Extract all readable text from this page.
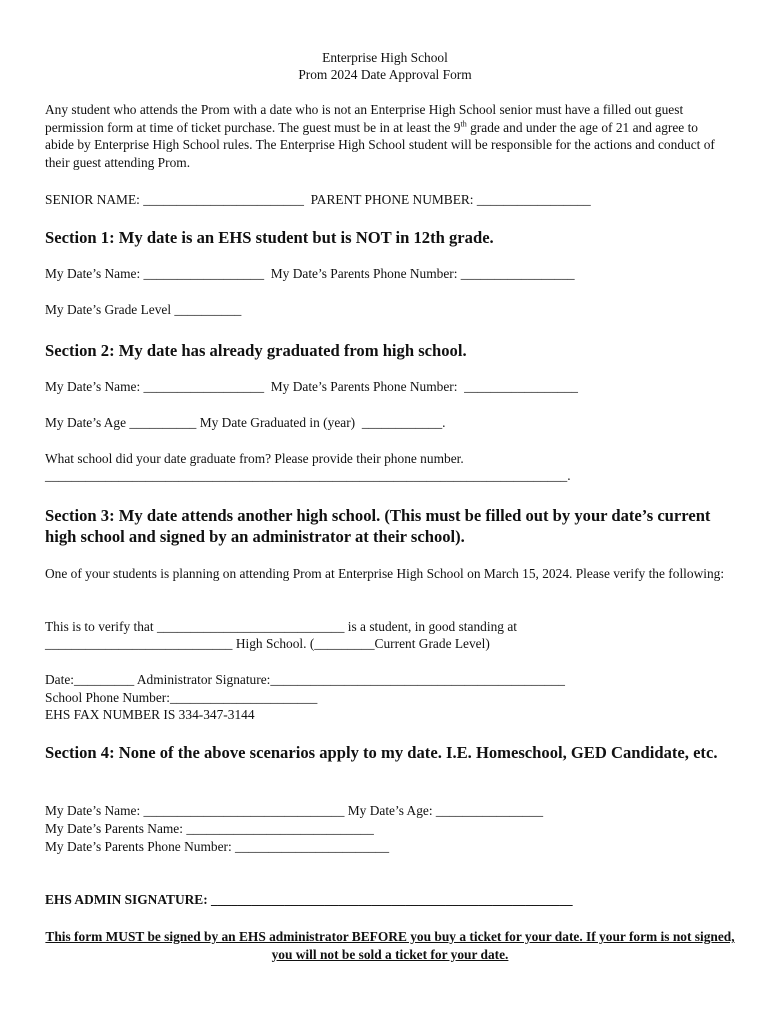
Enterprise High School
Prom 2024 Date Approval Form
Any student who attends the Prom with a date who is not an Enterprise High School senior must have a filled out guest permission form at time of ticket purchase. The guest must be in at least the 9th grade and under the age of 21 and agree to abide by Enterprise High School rules. The Enterprise High School student will be responsible for the actions and conduct of their guest attending Prom.
SENIOR NAME: ________________________  PARENT PHONE NUMBER: _________________
Section 1: My date is an EHS student but is NOT in 12th grade.
My Date’s Name: __________________  My Date’s Parents Phone Number: _________________
My Date’s Grade Level __________
Section 2: My date has already graduated from high school.
My Date’s Name: __________________  My Date’s Parents Phone Number:  _________________
My Date’s Age __________ My Date Graduated in (year)  ____________.
What school did your date graduate from? Please provide their phone number.
______________________________________________________________________________.
Section 3: My date attends another high school. (This must be filled out by your date’s current high school and signed by an administrator at their school).
One of your students is planning on attending Prom at Enterprise High School on March 15, 2024. Please verify the following:
This is to verify that ____________________________ is a student, in good standing at
____________________________ High School. (_________Current Grade Level)
Date:_________ Administrator Signature:____________________________________________
School Phone Number:______________________
EHS FAX NUMBER IS 334-347-3144
Section 4: None of the above scenarios apply to my date. I.E. Homeschool, GED Candidate, etc.
My Date’s Name: ______________________________ My Date’s Age: ________________
My Date’s Parents Name: ____________________________
My Date’s Parents Phone Number: _______________________
EHS ADMIN SIGNATURE: ______________________________________________________
This form MUST be signed by an EHS administrator BEFORE you buy a ticket for your date. If your form is not signed, you will not be sold a ticket for your date.
